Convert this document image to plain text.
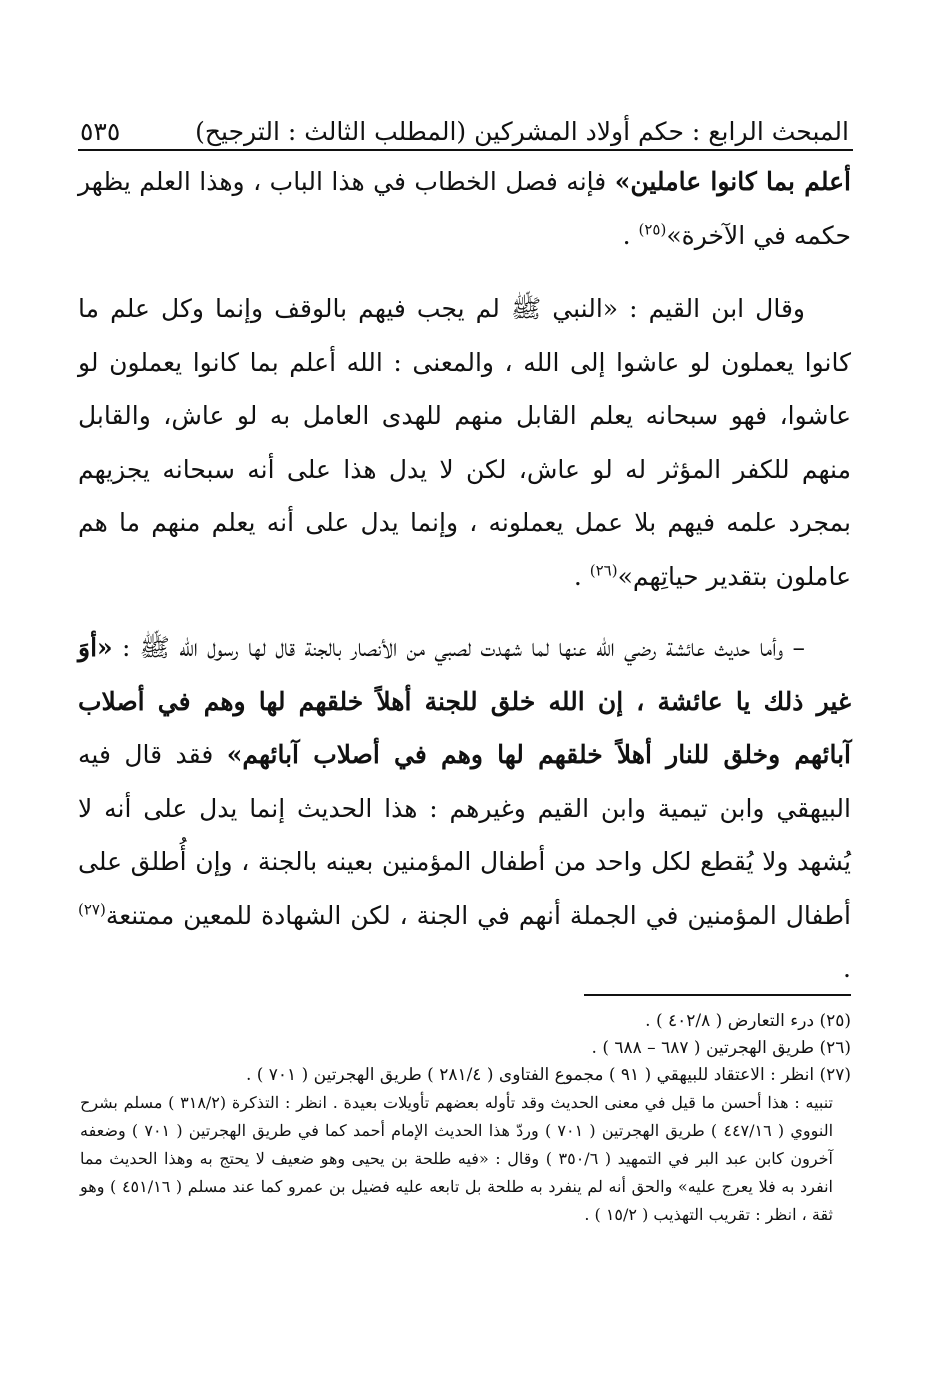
المبحث الرابع : حكم أولاد المشركين (المطلب الثالث : الترجيح)
٥٣٥

أعلم بما كانوا عاملين» فإنه فصل الخطاب في هذا الباب ، وهذا العلم يظهر حكمه في الآخرة»$^{(٢٥)}$ .

وقال ابن القيم : «النبي ﷺ لم يجب فيهم بالوقف وإنما وكل علم ما كانوا يعملون لو عاشوا إلى الله ، والمعنى : الله أعلم بما كانوا يعملون لو عاشوا، فهو سبحانه يعلم القابل منهم للهدى العامل به لو عاش، والقابل منهم للكفر المؤثر له لو عاش، لكن لا يدل هذا على أنه سبحانه يجزيهم بمجرد علمه فيهم بلا عمل يعملونه ، وإنما يدل على أنه يعلم منهم ما هم عاملون بتقدير حياتِهم»$^{(٢٦)}$ .

– وأما حديث عائشة رضي الله عنها لما شهدت لصبي من الأنصار بالجنة قال لها رسول الله ﷺ : «أوَ غير ذلك يا عائشة ، إن الله خلق للجنة أهلاً خلقهم لها وهم في أصلاب آبائهم وخلق للنار أهلاً خلقهم لها وهم في أصلاب آبائهم» فقد قال فيه البيهقي وابن تيمية وابن القيم وغيرهم : هذا الحديث إنما يدل على أنه لا يُشهد ولا يُقطع لكل واحد من أطفال المؤمنين بعينه بالجنة ، وإن أُطلق على أطفال المؤمنين في الجملة أنهم في الجنة ، لكن الشهادة للمعين ممتنعة$^{(٢٧)}$ .

(٢٥) درء التعارض ( ٤٠٢/٨ ) .

(٢٦) طريق الهجرتين ( ٦٨٧ – ٦٨٨ ) .

(٢٧) انظر : الاعتقاد للبيهقي ( ٩١ ) مجموع الفتاوى ( ٢٨١/٤ ) طريق الهجرتين ( ٧٠١ ) .

تنبيه : هذا أحسن ما قيل في معنى الحديث وقد تأوله بعضهم تأويلات بعيدة . انظر : التذكرة (٣١٨/٢ ) مسلم بشرح النووي ( ٤٤٧/١٦ ) طريق الهجرتين ( ٧٠١ ) وردّ هذا الحديث الإمام أحمد كما في طريق الهجرتين ( ٧٠١ ) وضعفه آخرون كابن عبد البر في التمهيد ( ٣٥٠/٦ ) وقال : «فيه طلحة بن يحيى وهو ضعيف لا يحتج به وهذا الحديث مما انفرد به فلا يعرج عليه» والحق أنه لم ينفرد به طلحة بل تابعه عليه فضيل بن عمرو كما عند مسلم ( ٤٥١/١٦ ) وهو ثقة ، انظر : تقريب التهذيب ( ١٥/٢ ) .
